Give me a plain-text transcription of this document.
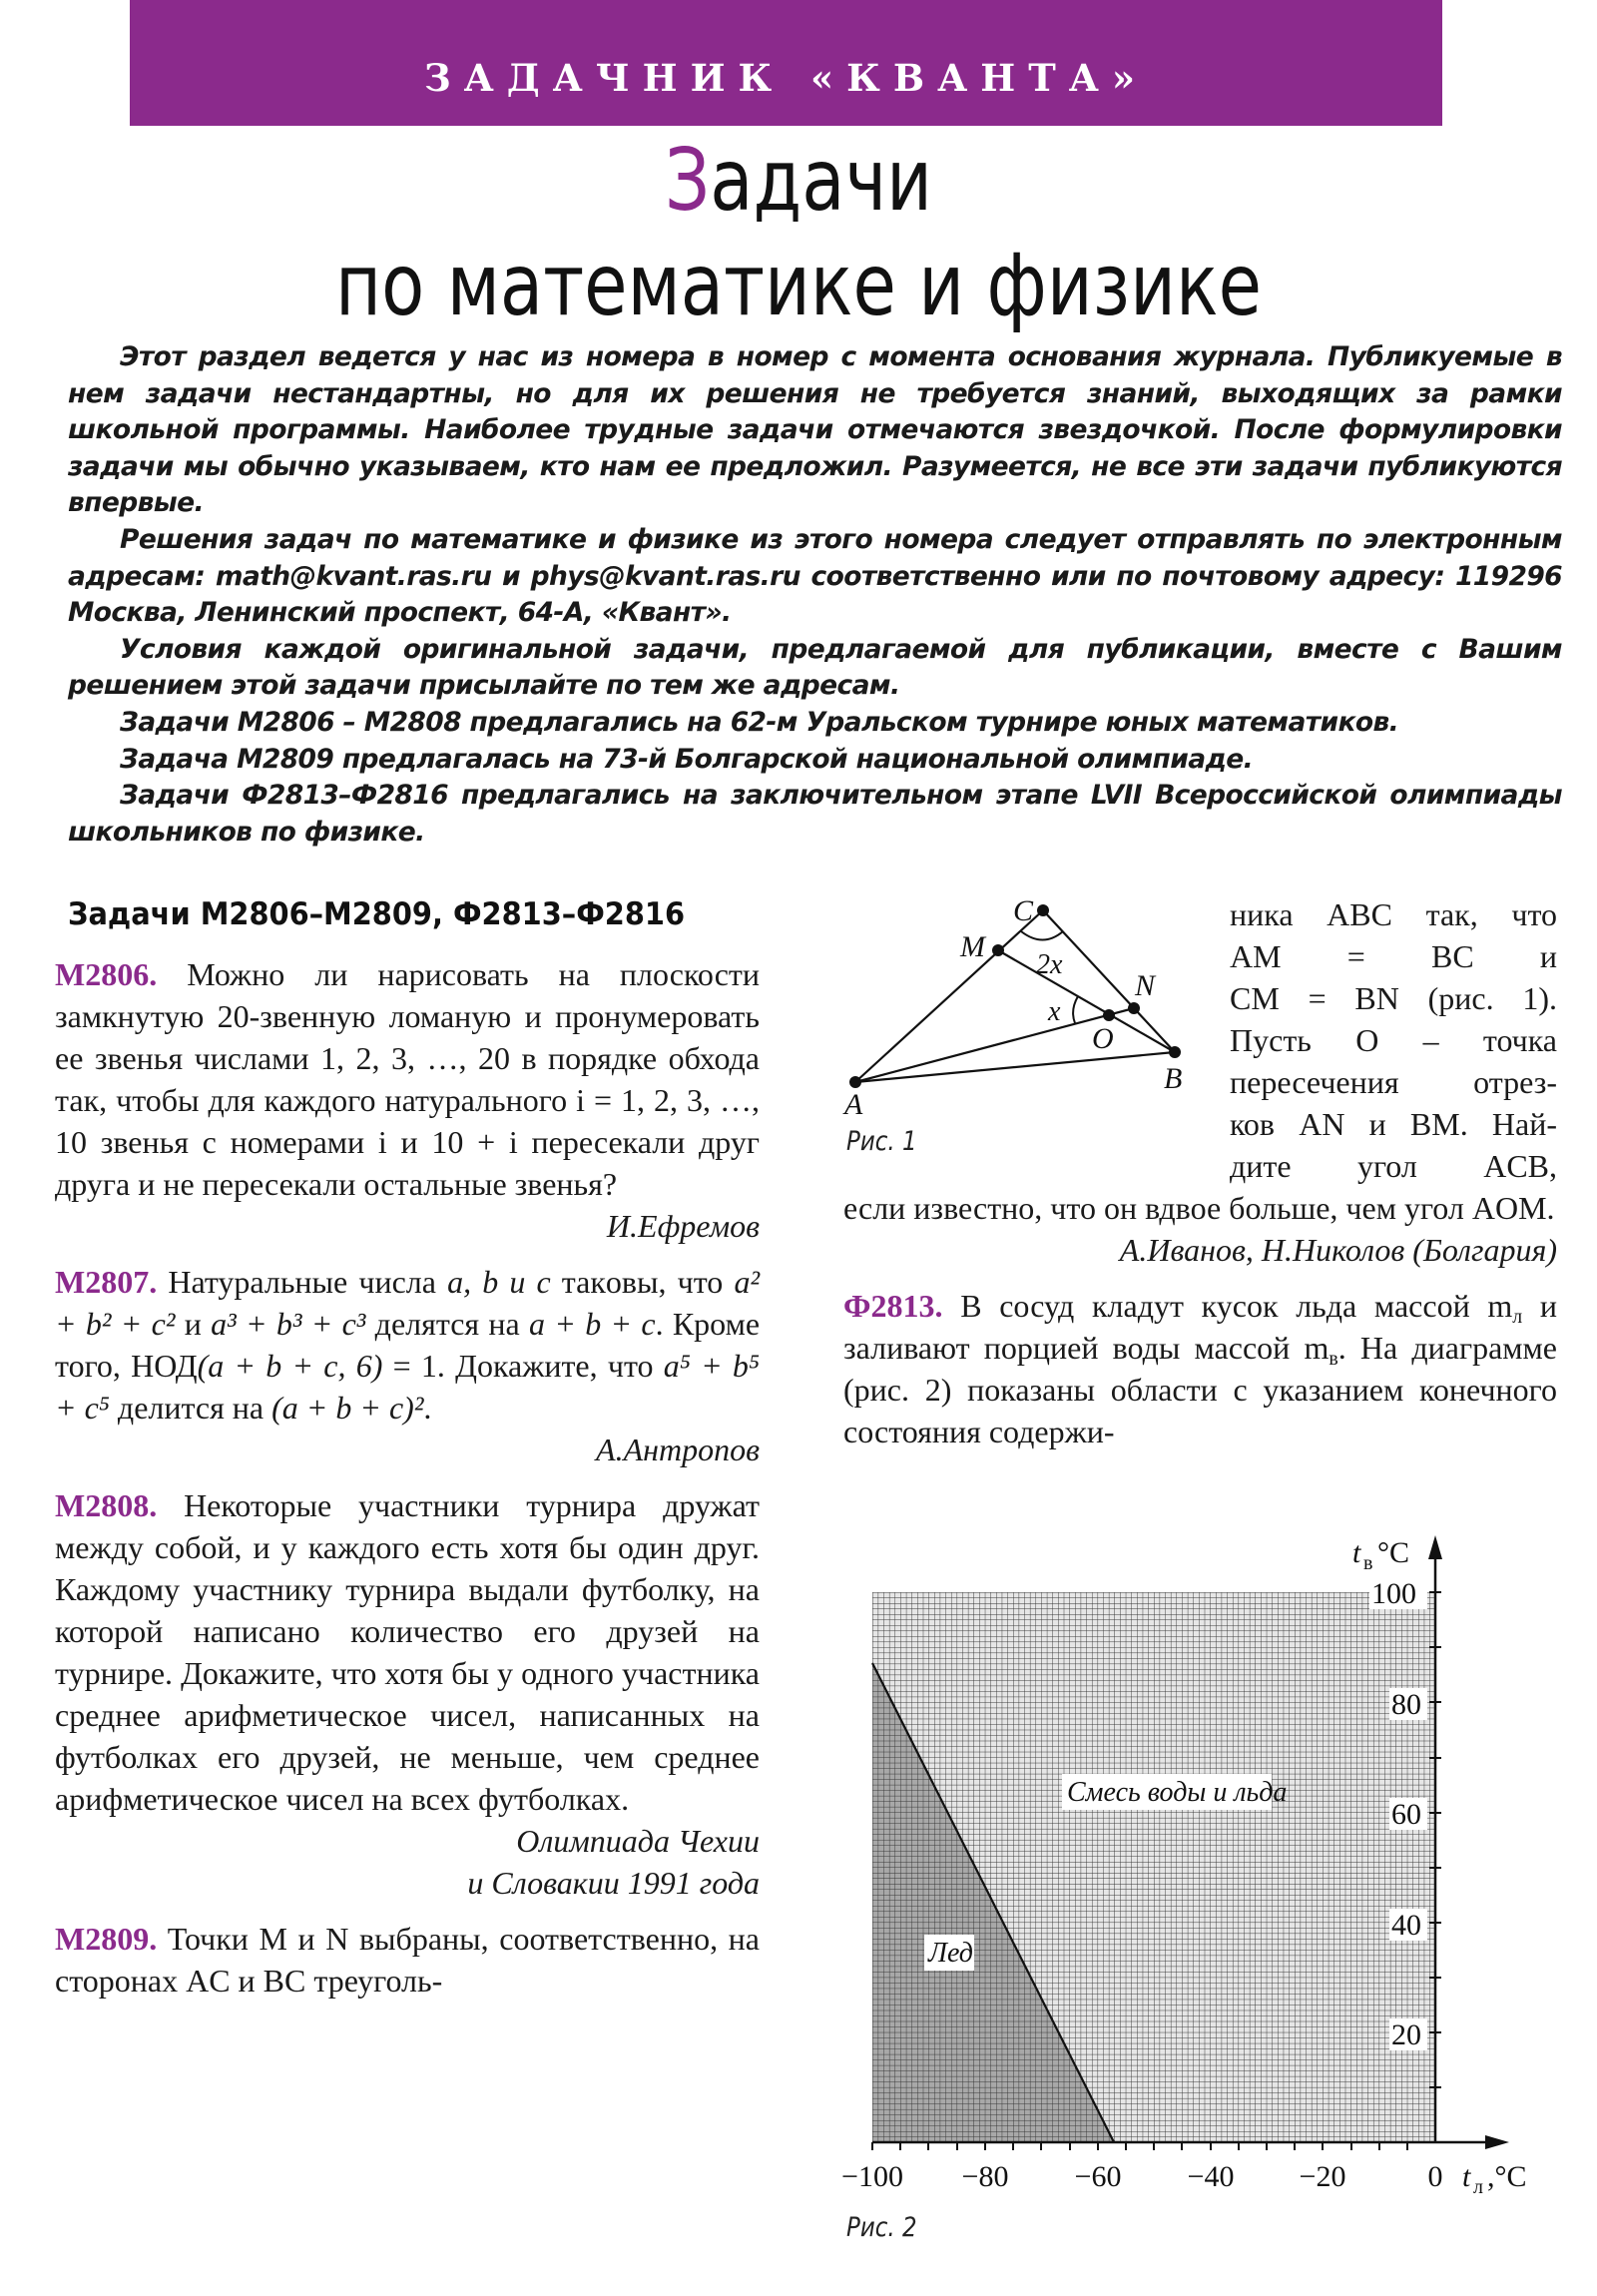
ЗАДАЧНИК «КВАНТА»
Задачи
по математике и физике

Этот раздел ведется у нас из номера в номер с момента основания журнала. Публикуемые в нем задачи нестандартны, но для их решения не требуется знаний, выходящих за рамки школьной программы. Наиболее трудные задачи отмечаются звездочкой. После формулировки задачи мы обычно указываем, кто нам ее предложил. Разумеется, не все эти задачи публикуются впервые.

Решения задач по математике и физике из этого номера следует отправлять по электронным адресам: math@kvant.ras.ru и phys@kvant.ras.ru соответственно или по почтовому адресу: 119296 Москва, Ленинский проспект, 64-А, «Квант».

Условия каждой оригинальной задачи, предлагаемой для публикации, вместе с Вашим решением этой задачи присылайте по тем же адресам.

Задачи М2806 – М2808 предлагались на 62-м Уральском турнире юных математиков.

Задача М2809 предлагалась на 73-й Болгарской национальной олимпиаде.

Задачи Ф2813–Ф2816 предлагались на заключительном этапе LVII Всероссийской олимпиады школьников по физике.

Задачи М2806–М2809, Ф2813–Ф2816

М2806. Можно ли нарисовать на плоскости замкнутую 20-звенную ломаную и пронумеровать ее звенья числами 1, 2, 3, …, 20 в порядке обхода так, чтобы для каждого натурального i = 1, 2, 3, …, 10 звенья с номерами i и 10 + i пересекали друг друга и не пересекали остальные звенья?

И.Ефремов

М2807. Натуральные числа a, b и c такoвы, что a² + b² + c² и a³ + b³ + c³ делятся на a + b + c. Кроме того, НОД(a + b + c, 6) = 1. Докажите, что a⁵ + b⁵ + c⁵ делится на (a + b + c)².

А.Антропов

М2808. Некоторые участники турнира дружат между собой, и у каждого есть хотя бы один друг. Каждому участнику турнира выдали футболку, на которой написано количество его друзей на турнире. Докажите, что хотя бы у одного участника среднее арифметическое чисел, написанных на футболках его друзей, не меньше, чем среднее арифметическое чисел на всех футболках.

Олимпиада Чехии

и Словакии 1991 года

М2809. Точки M и N выбраны, соответственно, на сторонах AC и BC треуголь-

C
M
2x
N
x
O
B
A
Рис. 1

ника ABC так, что

AM = BC и

CM = BN (рис. 1).

Пусть O – точка

пересечения отрез-

ков AN и BM. Най-

дите угол ACB,

если известно, что он вдвое больше, чем угол AOM.

А.Иванов, Н.Николов (Болгария)

Ф2813. В сосуд кладут кусок льда массой $m_л$ и заливают порцией воды массой $m_в$. На диаграмме (рис. 2) показаны области с указанием конечного состояния содержи-

100
80
60
40
20
−100 −80 −60 −40 −20	0
t в °C
t л ,°C
Смесь воды и льда
Лед
Рис. 2
